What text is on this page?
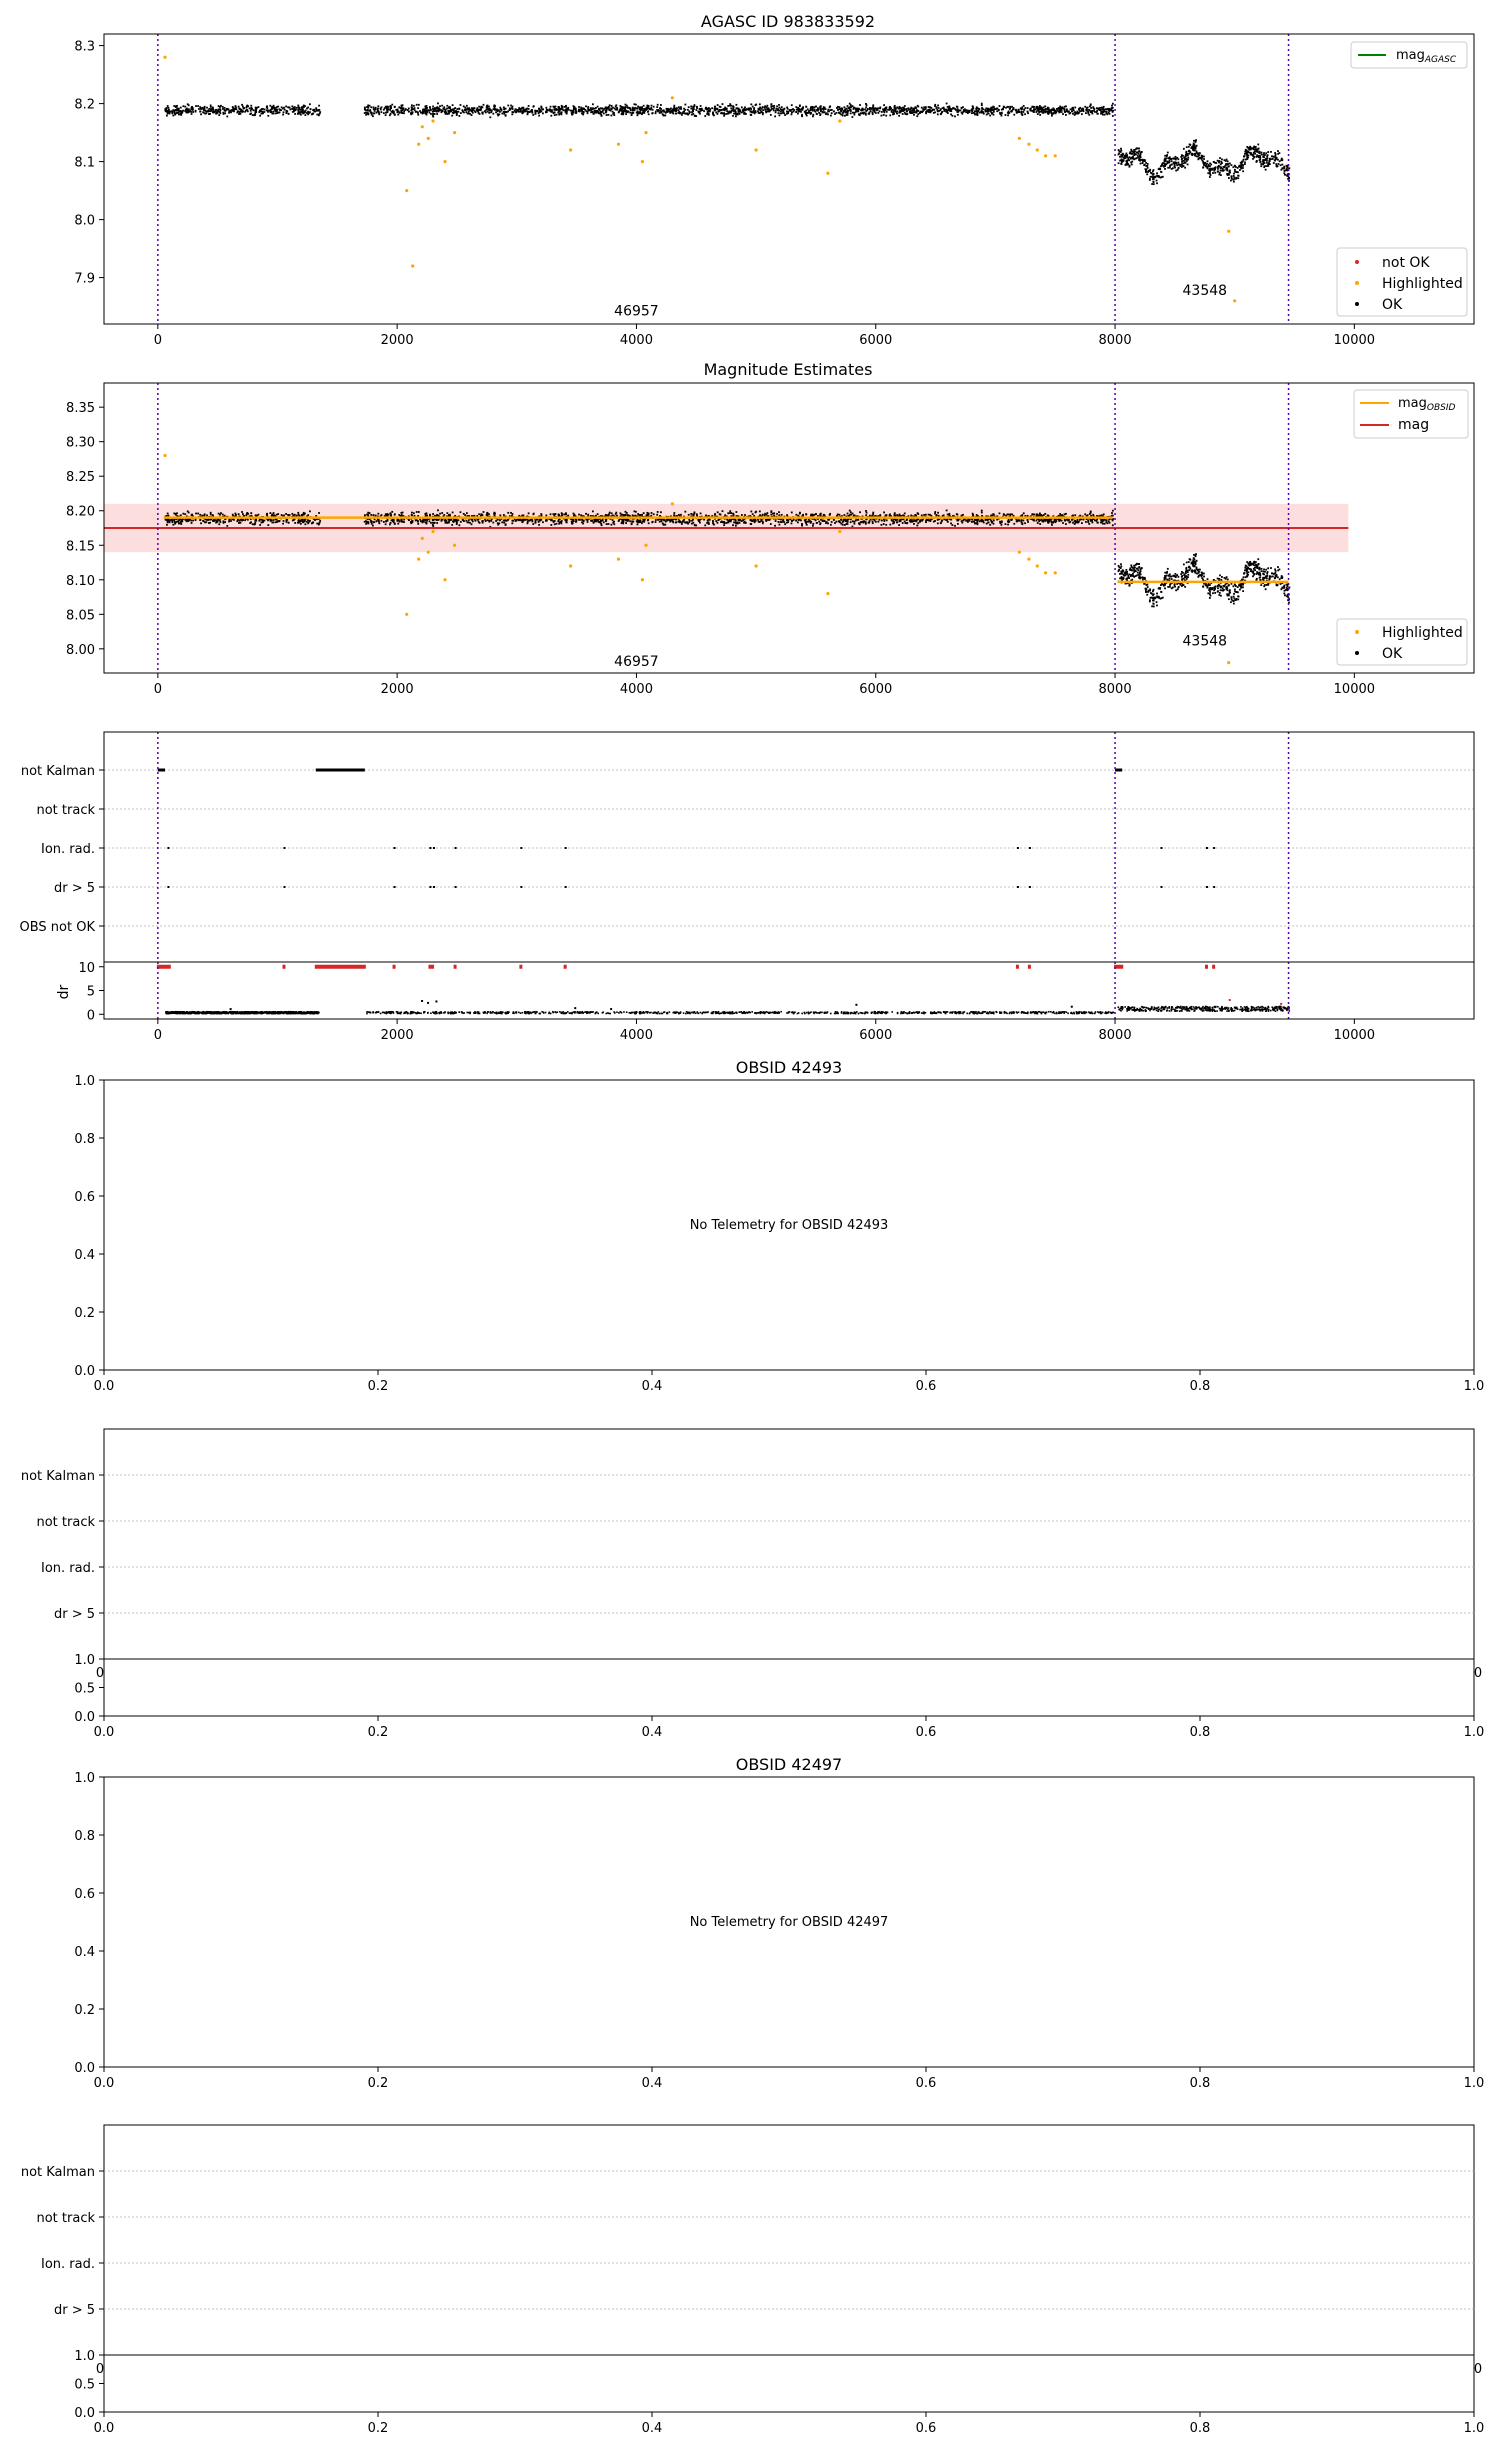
AGASC ID 983833592
46957
43548
0	2000	4000	6000	8000	10000
7.9
8.0
8.1
8.2
8.3
mag$_{AGASC}$
not OK
Highlighted
OK
Magnitude Estimates
46957
43548
0	2000	4000	6000	8000	10000
8.00
8.05
8.10
8.15
8.20
8.25
8.30
8.35	mag$_{OBSID}$
mag
Highlighted
OK
not Kalman
not track
Ion. rad.
dr > 5
OBS not OK
0	2000	4000	6000	8000	10000
0
5
10
dr
OBSID 42493
No Telemetry for OBSID 42493
0.0	0.2	0.4	0.6	0.8	1.0
0.0
0.2
0.4
0.6
0.8
1.0
not Kalman
not track
Ion. rad.
dr > 5
0.0
0.5
1.0
0	0
0.0	0.2	0.4	0.6	0.8	1.0
OBSID 42497
No Telemetry for OBSID 42497
0.0	0.2	0.4	0.6	0.8	1.0
0.0
0.2
0.4
0.6
0.8
1.0
not Kalman
not track
Ion. rad.
dr > 5
0.0
0.5
1.0
0	0
0.0	0.2	0.4	0.6	0.8	1.0
